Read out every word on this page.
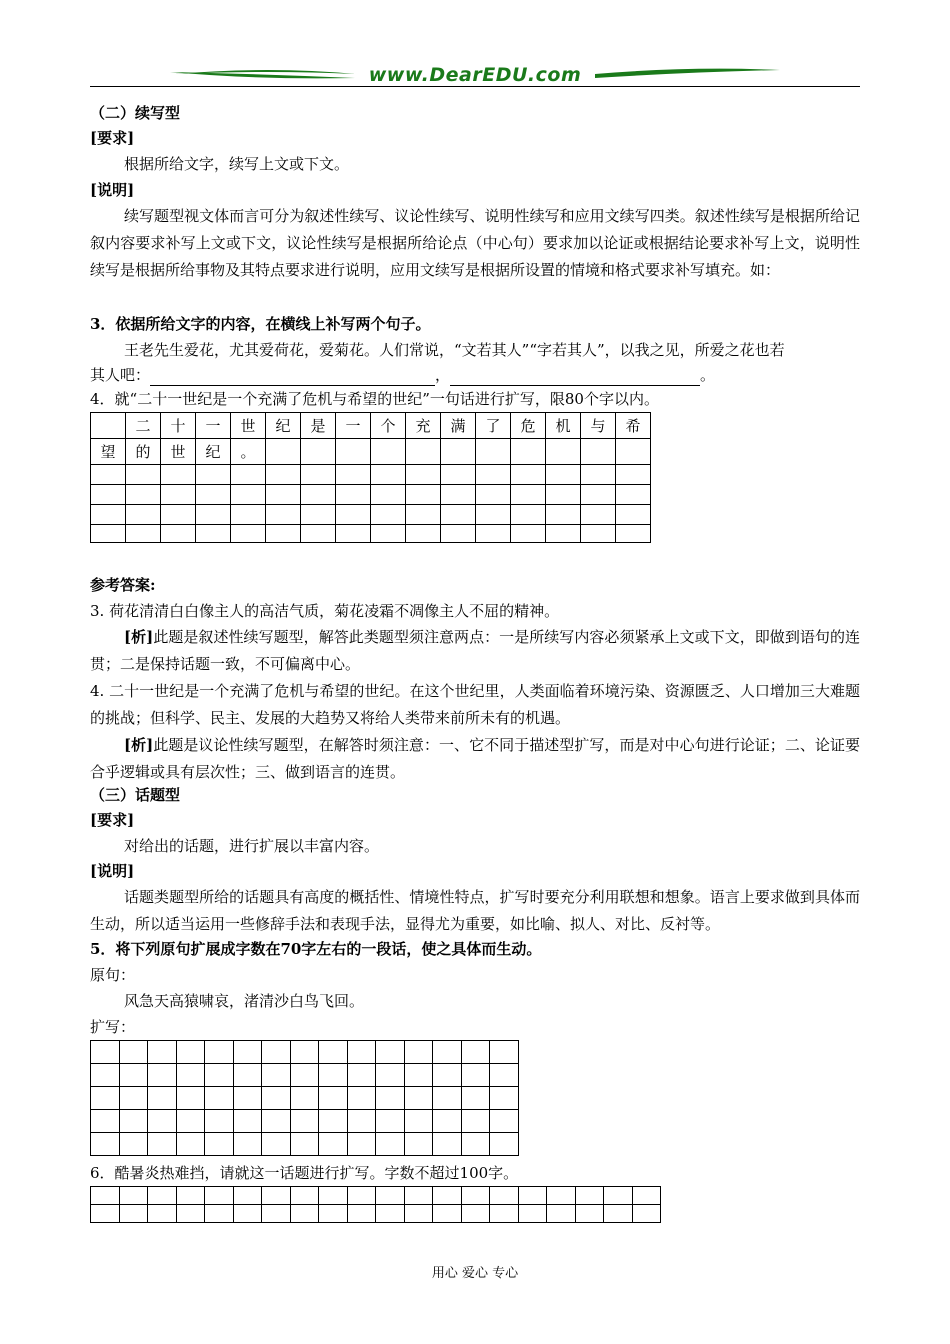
www.DearEDU.com
（二）续写型
[要求]
根据所给文字，续写上文或下文。
[说明]
续写题型视文体而言可分为叙述性续写、议论性续写、说明性续写和应用文续写四类。叙述性续写是根据所给记叙内容要求补写上文或下文，议论性续写是根据所给论点（中心句）要求加以论证或根据结论要求补写上文，说明性续写是根据所给事物及其特点要求进行说明，应用文续写是根据所设置的情境和格式要求补写填充。如：
3．依据所给文字的内容，在横线上补写两个句子。
王老先生爱花，尤其爱荷花，爱菊花。人们常说，“文若其人”“字若其人”，以我之见，所爱之花也若
其人吧：	，	。
4．就“二十一世纪是一个充满了危机与希望的世纪”一句话进行扩写，限80个字以内。
	二	十	一	世	纪	是	一	个	充	满	了	危	机	与	希
望	的	世	纪	。											

参考答案:
3. 荷花清清白白像主人的高洁气质，菊花凌霜不凋像主人不屈的精神。
[析]此题是叙述性续写题型，解答此类题型须注意两点：一是所续写内容必须紧承上文或下文，即做到语句的连贯；二是保持话题一致，不可偏离中心。
4. 二十一世纪是一个充满了危机与希望的世纪。在这个世纪里，人类面临着环境污染、资源匮乏、人口增加三大难题的挑战；但科学、民主、发展的大趋势又将给人类带来前所未有的机遇。
[析]此题是议论性续写题型，在解答时须注意：一、它不同于描述型扩写，而是对中心句进行论证；二、论证要合乎逻辑或具有层次性；三、做到语言的连贯。
（三）话题型
[要求]
对给出的话题，进行扩展以丰富内容。
[说明]
话题类题型所给的话题具有高度的概括性、情境性特点，扩写时要充分利用联想和想象。语言上要求做到具体而生动，所以适当运用一些修辞手法和表现手法，显得尤为重要，如比喻、拟人、对比、反衬等。
5．将下列原句扩展成字数在70字左右的一段话，使之具体而生动。
原句：
风急天高猿啸哀，渚清沙白鸟飞回。
扩写：

6．酷暑炎热难挡，请就这一话题进行扩写。字数不超过100字。

用心 爱心 专心
